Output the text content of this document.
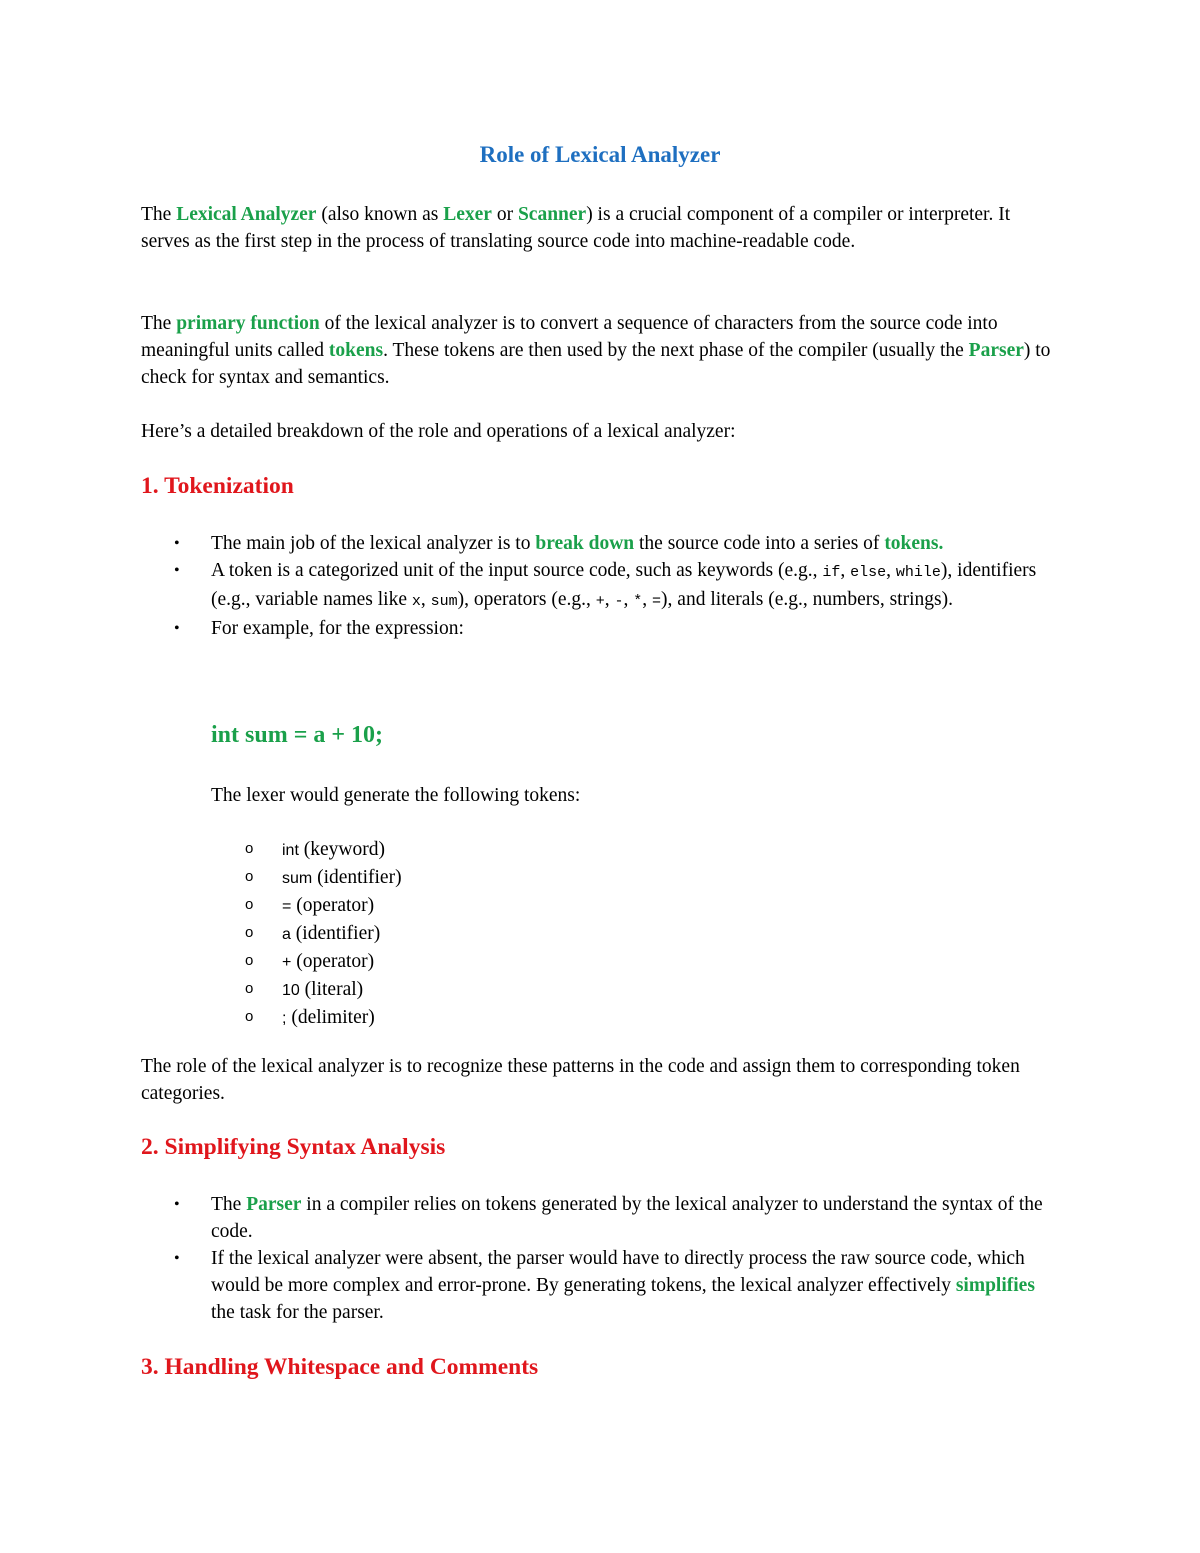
Role of Lexical Analyzer

The Lexical Analyzer (also known as Lexer or Scanner) is a crucial component of a compiler or interpreter. It serves as the first step in the process of translating source code into machine-readable code.

The primary function of the lexical analyzer is to convert a sequence of characters from the source code into meaningful units called tokens. These tokens are then used by the next phase of the compiler (usually the Parser) to check for syntax and semantics.

Here’s a detailed breakdown of the role and operations of a lexical analyzer:

1. Tokenization
• The main job of the lexical analyzer is to break down the source code into a series of tokens.
• A token is a categorized unit of the input source code, such as keywords (e.g., if, else, while), identifiers (e.g., variable names like x, sum), operators (e.g., +, -, *, =), and literals (e.g., numbers, strings).
• For example, for the expression:

int sum = a + 10;

The lexer would generate the following tokens:

o int (keyword)
o sum (identifier)
o = (operator)
o a (identifier)
o + (operator)
o 10 (literal)
o ; (delimiter)

The role of the lexical analyzer is to recognize these patterns in the code and assign them to corresponding token categories.

2. Simplifying Syntax Analysis
• The Parser in a compiler relies on tokens generated by the lexical analyzer to understand the syntax of the code.
• If the lexical analyzer were absent, the parser would have to directly process the raw source code, which would be more complex and error-prone. By generating tokens, the lexical analyzer effectively simplifies the task for the parser.
3. Handling Whitespace and Comments
